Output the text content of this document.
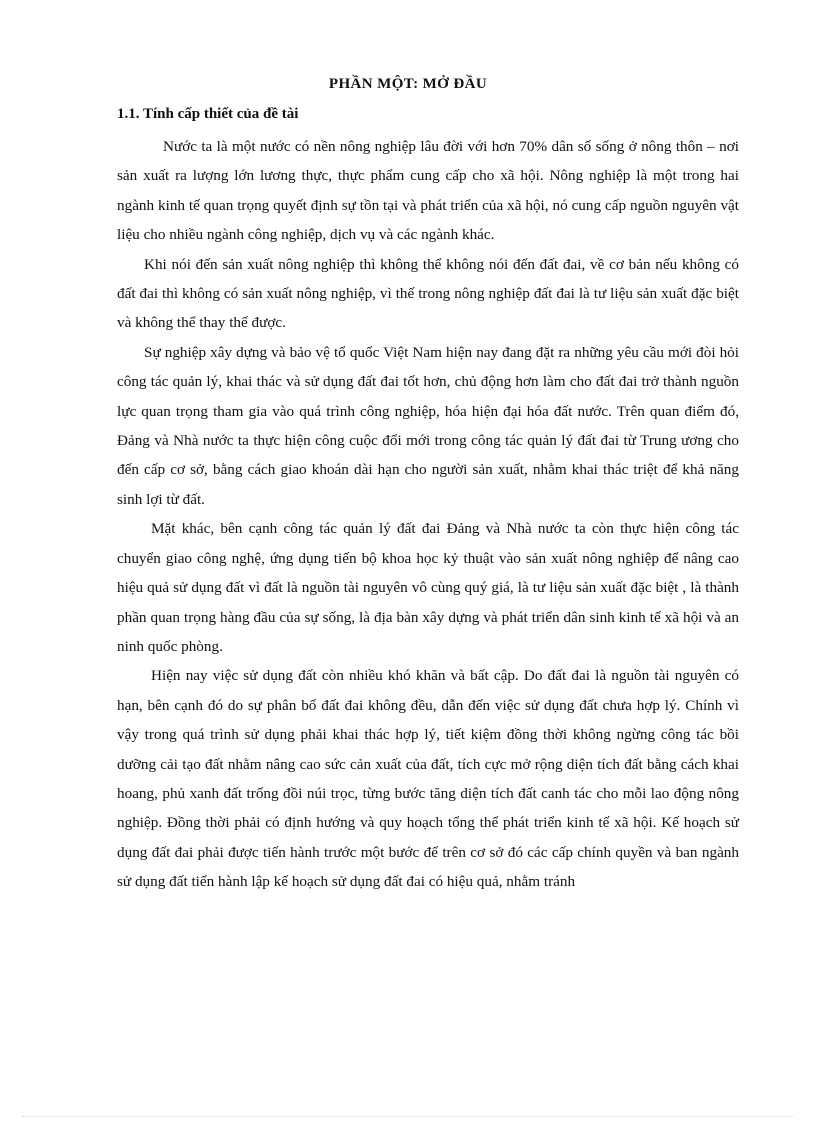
PHẦN MỘT: MỞ ĐẦU
1.1. Tính cấp thiết của đề tài

Nước ta là một nước có nền nông nghiệp lâu đời với hơn 70% dân số sống ở nông thôn – nơi sản xuất ra lượng lớn lương thực, thực phẩm cung cấp cho xã hội. Nông nghiệp là một trong hai ngành kinh tế quan trọng quyết định sự tồn tại và phát triển của xã hội, nó cung cấp nguồn nguyên vật liệu cho nhiều ngành công nghiệp, dịch vụ và các ngành khác.

Khi nói đến sản xuất nông nghiệp thì không thể không nói đến đất đai, về cơ bản nếu không có đất đai thì không có sản xuất nông nghiệp, vì thế trong nông nghiệp đất đai là tư liệu sản xuất đặc biệt và không thể thay thế được.

Sự nghiệp xây dựng và bảo vệ tổ quốc Việt Nam hiện nay đang đặt ra những yêu cầu mới đòi hỏi công tác quản lý, khai thác và sử dụng đất đai tốt hơn, chủ động hơn làm cho đất đai trở thành nguồn lực quan trọng tham gia vào quá trình công nghiệp, hóa hiện đại hóa đất nước. Trên quan điểm đó, Đảng và Nhà nước ta thực hiện công cuộc đổi mới trong công tác quản lý đất đai từ Trung ương cho đến cấp cơ sở, bằng cách giao khoán dài hạn cho người sản xuất, nhằm khai thác triệt để khả năng sinh lợi từ đất.

Mặt khác, bên cạnh công tác quản lý đất đai Đảng và Nhà nước ta còn thực hiện công tác chuyển giao công nghệ, ứng dụng tiến bộ khoa học kỷ thuật vào sản xuất nông nghiệp để nâng cao hiệu quả sử dụng đất vì đất là nguồn tài nguyên vô cùng quý giá, là tư liệu sản xuất đặc biệt , là thành phần quan trọng hàng đầu của sự sống, là địa bàn xây dựng và phát triển dân sinh kinh tế xã hội và an ninh quốc phòng.

Hiện nay việc sử dụng đất còn nhiều khó khăn và bất cập. Do đất đai là nguồn tài nguyên có hạn, bên cạnh đó do sự phân bố đất đai không đều, dẫn đến việc sử dụng đất chưa hợp lý. Chính vì vậy trong quá trình sử dụng phải khai thác hợp lý, tiết kiệm đồng thời không ngừng công tác bồi dưỡng cải tạo đất nhằm nâng cao sức cản xuất của đất, tích cực mở rộng diện tích đất bằng cách khai hoang, phủ xanh đất trống đồi núi trọc, từng bước tăng diện tích đất canh tác cho mỗi lao động nông nghiệp. Đồng thời phải có định hướng và quy hoạch tổng thể phát triển kinh tế xã hội. Kế hoạch sử dụng đất đai phải được tiến hành trước một bước để trên cơ sở đó các cấp chính quyền và ban ngành sử dụng đất tiến hành lập kế hoạch sử dụng đất đai có hiệu quả, nhằm tránh
